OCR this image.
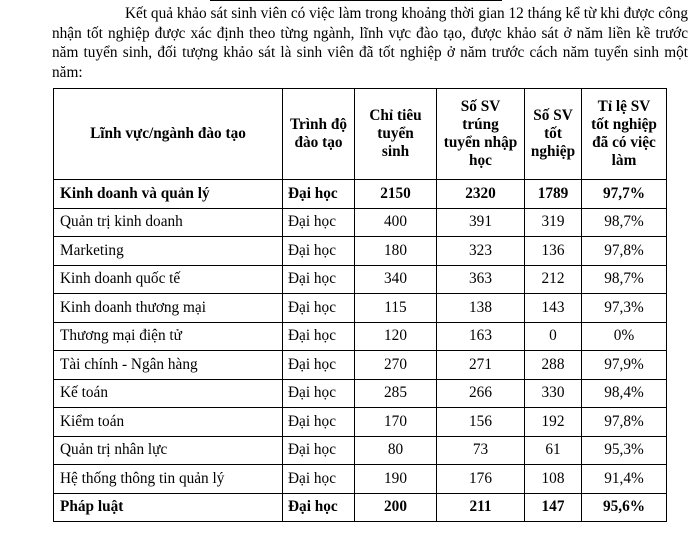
Kết quả khảo sát sinh viên có việc làm trong khoảng thời gian 12 tháng kể từ khi được công nhận tốt nghiệp được xác định theo từng ngành, lĩnh vực đào tạo, được khảo sát ở năm liền kề trước năm tuyển sinh, đối tượng khảo sát là sinh viên đã tốt nghiệp ở năm trước cách năm tuyển sinh một năm:

Lĩnh vực/ngành đào tạo	Trình độ đào tạo	Chỉ tiêu tuyển sinh	Số SV trúng tuyển nhập học	Số SV tốt nghiệp	Tỉ lệ SV tốt nghiệp đã có việc làm
Kinh doanh và quản lý	Đại học	2150	2320	1789	97,7%
Quản trị kinh doanh	Đại học	400	391	319	98,7%
Marketing	Đại học	180	323	136	97,8%
Kinh doanh quốc tế	Đại học	340	363	212	98,7%
Kinh doanh thương mại	Đại học	115	138	143	97,3%
Thương mại điện tử	Đại học	120	163	0	0%
Tài chính - Ngân hàng	Đại học	270	271	288	97,9%
Kế toán	Đại học	285	266	330	98,4%
Kiểm toán	Đại học	170	156	192	97,8%
Quản trị nhân lực	Đại học	80	73	61	95,3%
Hệ thống thông tin quản lý	Đại học	190	176	108	91,4%
Pháp luật	Đại học	200	211	147	95,6%
